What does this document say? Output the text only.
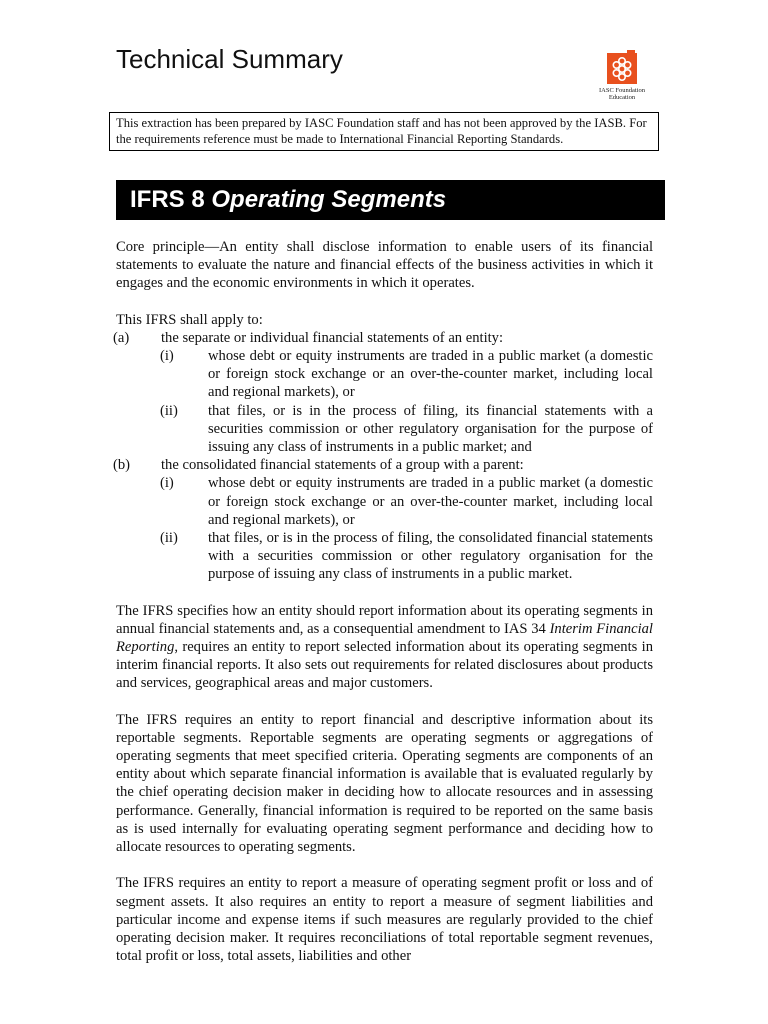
Technical Summary
IASC Foundation Education
This extraction has been prepared by IASC Foundation staff and has not been approved by the IASB. For the requirements reference must be made to International Financial Reporting Standards.
IFRS 8 Operating Segments

Core principle—An entity shall disclose information to enable users of its financial statements to evaluate the nature and financial effects of the business activities in which it engages and the economic environments in which it operates.

This IFRS shall apply to:

(a) the separate or individual financial statements of an entity:
(i) whose debt or equity instruments are traded in a public market (a domestic or foreign stock exchange or an over-the-counter market, including local and regional markets), or
(ii) that files, or is in the process of filing, its financial statements with a securities commission or other regulatory organisation for the purpose of issuing any class of instruments in a public market; and
(b) the consolidated financial statements of a group with a parent:
(i) whose debt or equity instruments are traded in a public market (a domestic or foreign stock exchange or an over-the-counter market, including local and regional markets), or
(ii) that files, or is in the process of filing, the consolidated financial statements with a securities commission or other regulatory organisation for the purpose of issuing any class of instruments in a public market.

The IFRS specifies how an entity should report information about its operating segments in annual financial statements and, as a consequential amendment to IAS 34 Interim Financial Reporting, requires an entity to report selected information about its operating segments in interim financial reports. It also sets out requirements for related disclosures about products and services, geographical areas and major customers.

The IFRS requires an entity to report financial and descriptive information about its reportable segments. Reportable segments are operating segments or aggregations of operating segments that meet specified criteria. Operating segments are components of an entity about which separate financial information is available that is evaluated regularly by the chief operating decision maker in deciding how to allocate resources and in assessing performance. Generally, financial information is required to be reported on the same basis as is used internally for evaluating operating segment performance and deciding how to allocate resources to operating segments.

The IFRS requires an entity to report a measure of operating segment profit or loss and of segment assets. It also requires an entity to report a measure of segment liabilities and particular income and expense items if such measures are regularly provided to the chief operating decision maker. It requires reconciliations of total reportable segment revenues, total profit or loss, total assets, liabilities and other
